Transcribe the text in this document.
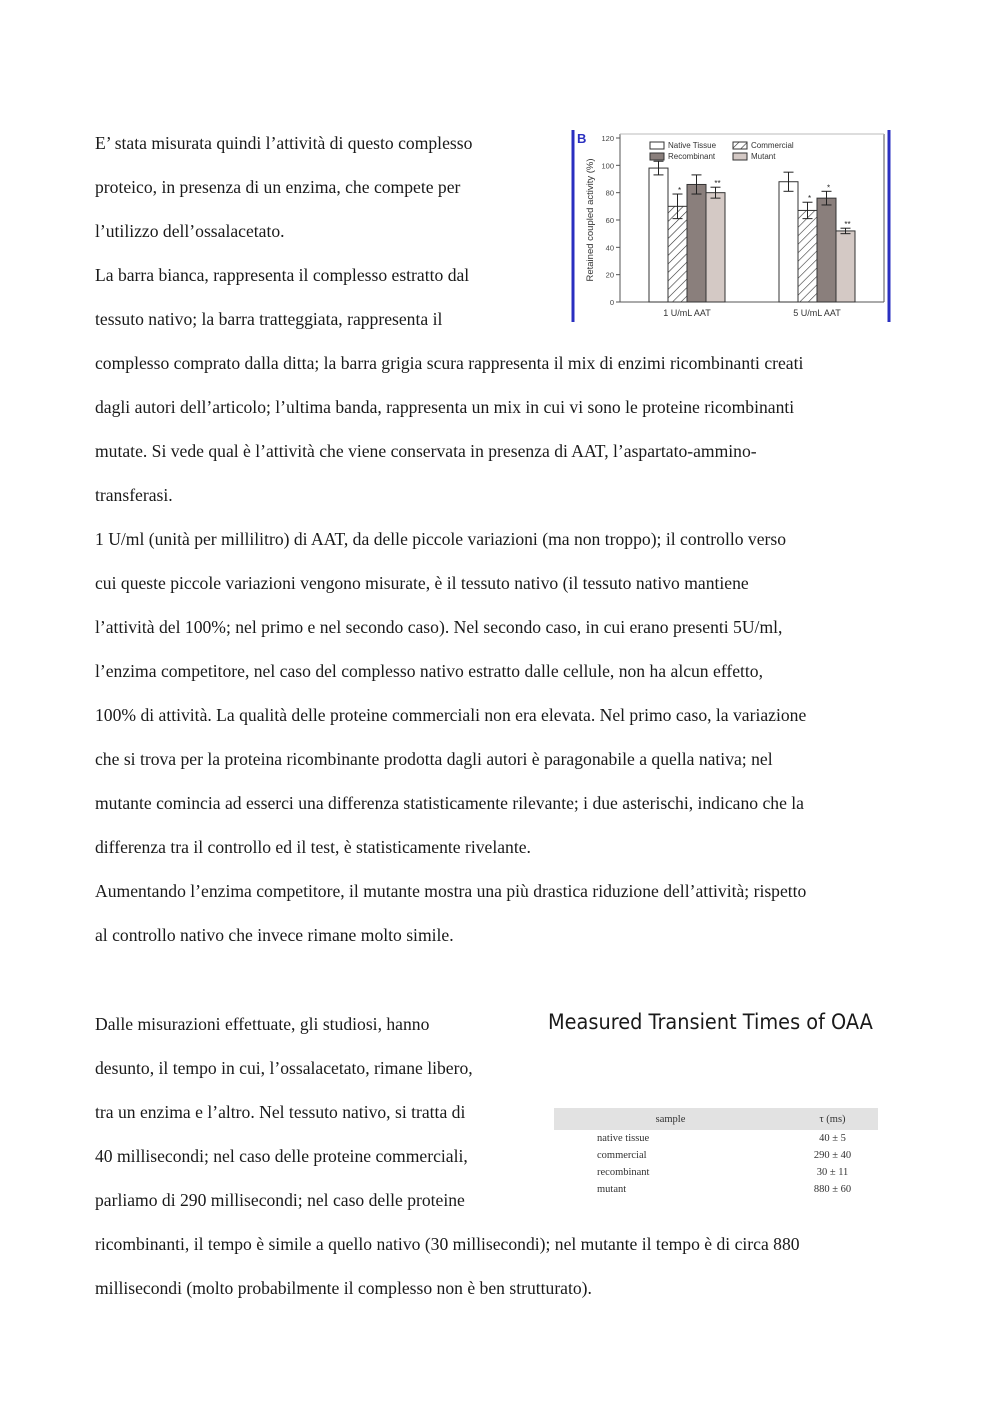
E’ stata misurata quindi l’attività di questo complesso

proteico, in presenza di un enzima, che compete per

l’utilizzo dell’ossalacetato.

La barra bianca, rappresenta il complesso estratto dal

tessuto nativo; la barra tratteggiata, rappresenta il

complesso comprato dalla ditta; la barra grigia scura rappresenta il mix di enzimi ricombinanti creati

dagli autori dell’articolo; l’ultima banda, rappresenta un mix in cui vi sono le proteine ricombinanti

mutate. Si vede qual è l’attività che viene conservata in presenza di AAT, l’aspartato-ammino-

transferasi.

1 U/ml (unità per millilitro) di AAT, da delle piccole variazioni (ma non troppo); il controllo verso

cui queste piccole variazioni vengono misurate, è il tessuto nativo (il tessuto nativo mantiene

l’attività del 100%; nel primo e nel secondo caso). Nel secondo caso, in cui erano presenti 5U/ml,

l’enzima competitore, nel caso del complesso nativo estratto dalle cellule, non ha alcun effetto,

100% di attività. La qualità delle proteine commerciali non era elevata. Nel primo caso, la variazione

che si trova per la proteina ricombinante prodotta dagli autori è paragonabile a quella nativa; nel

mutante comincia ad esserci una differenza statisticamente rilevante; i due asterischi, indicano che la

differenza tra il controllo ed il test, è statisticamente rivelante.

Aumentando l’enzima competitore, il mutante mostra una più drastica riduzione dell’attività; rispetto

al controllo nativo che invece rimane molto simile.

Dalle misurazioni effettuate, gli studiosi, hanno

desunto, il tempo in cui, l’ossalacetato, rimane libero,

tra un enzima e l’altro. Nel tessuto nativo, si tratta di

40 millisecondi; nel caso delle proteine commerciali,

parliamo di 290 millisecondi; nel caso delle proteine

ricombinanti, il tempo è simile a quello nativo (30 millisecondi); nel mutante il tempo è di circa 880

millisecondi (molto probabilmente il complesso non è ben strutturato).

B
Retained coupled activity (%)
0
20
40
60
80
100
120
*
**
1 U/mL AAT
*
*
**
5 U/mL AAT
Native Tissue	Commercial
Recombinant	Mutant
Measured Transient Times of OAA
sample	τ (ms)
native tissue	40 ± 5
commercial	290 ± 40
recombinant	30 ± 11
mutant	880 ± 60
